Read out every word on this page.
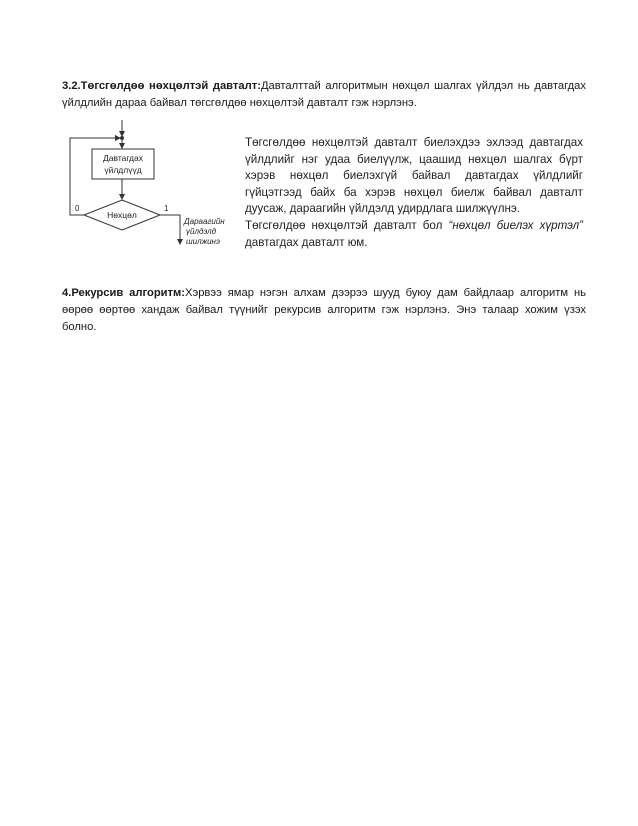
3.2.Төгсгөлдөө нөхцөлтэй давталт:Давталттай алгоритмын нөхцөл шалгах үйлдэл нь давтагдах үйлдлийн дараа байвал төгсгөлдөө нөхцөлтэй давталт гэж нэрлэнэ.
Давтагдах
үйлдлүүд
Нөхцөл
0	1
Дараагийн
үйлдэлд
шилжинэ
Төгсгөлдөө нөхцөлтэй давталт биелэхдээ эхлээд давтагдах үйлдлийг нэг удаа биелүүлж, цаашид нөхцөл шалгах бүрт хэрэв нөхцөл биелэхгүй байвал давтагдах үйлдлийг гүйцэтгээд байх ба хэрэв нөхцөл биелж байвал давталт дуусаж, дараагийн үйлдэлд удирдлага шилжүүлнэ.
Төгсгөлдөө нөхцөлтэй давталт бол “нөхцөл биелэх хүртэл” давтагдах давталт юм.
4.Рекурсив алгоритм:Хэрвээ ямар нэгэн алхам дээрээ шууд буюу дам байдлаар алгоритм нь өөрөө өөртөө хандаж байвал түүнийг рекурсив алгоритм гэж нэрлэнэ. Энэ талаар хожим үзэх болно.
